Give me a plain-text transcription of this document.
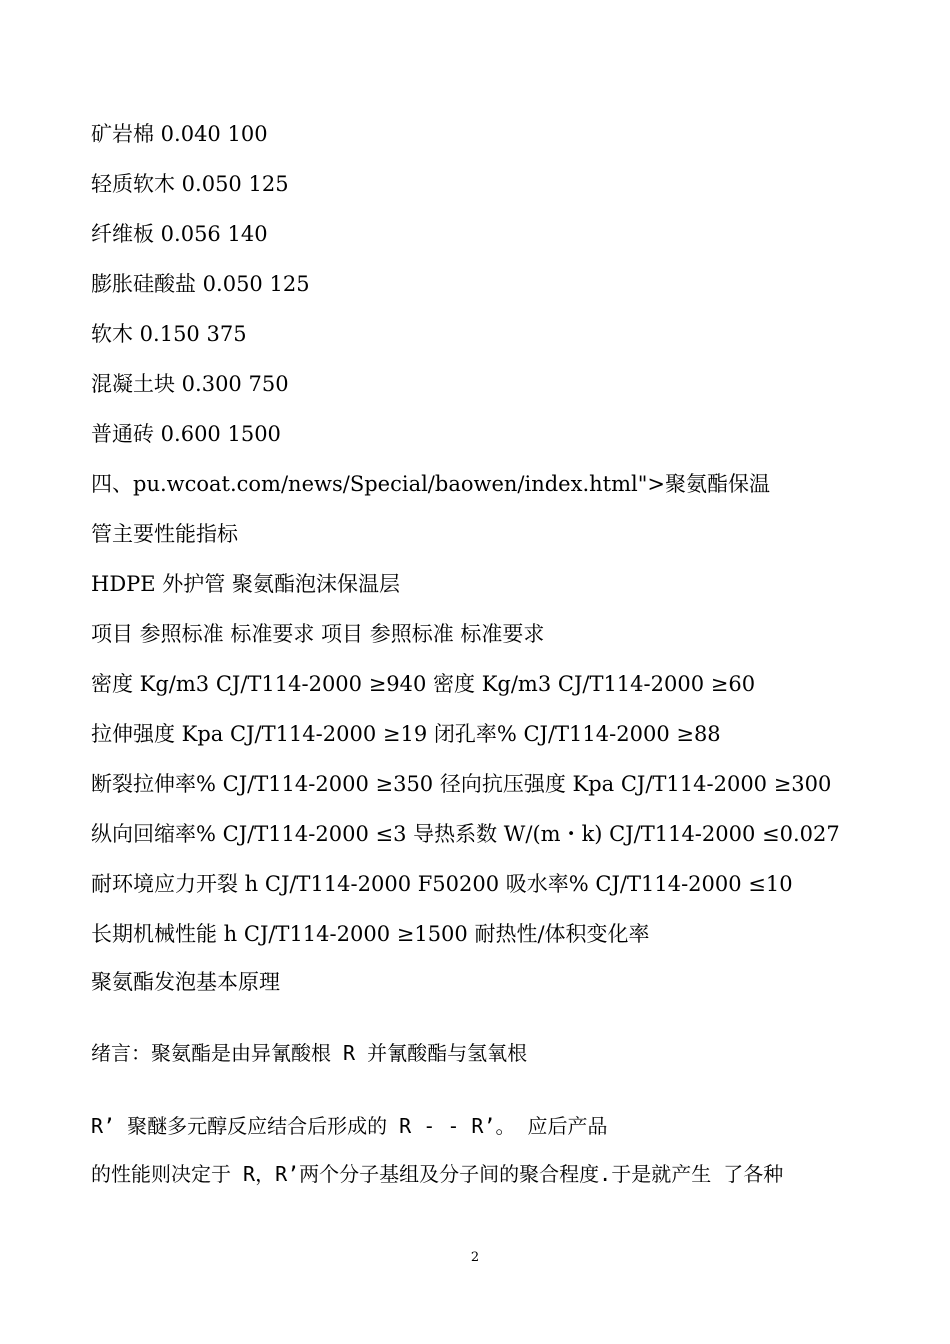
矿岩棉 0.040 100
轻质软木 0.050 125
纤维板 0.056 140
膨胀硅酸盐 0.050 125
软木 0.150 375
混凝土块 0.300 750
普通砖 0.600 1500
四、pu.wcoat.com/news/Special/baowen/index.html">聚氨酯保温
管主要性能指标
HDPE 外护管 聚氨酯泡沫保温层
项目 参照标准 标准要求 项目 参照标准 标准要求
密度 Kg/m3 CJ/T114-2000 ≥940 密度 Kg/m3 CJ/T114-2000 ≥60
拉伸强度 Kpa CJ/T114-2000 ≥19 闭孔率% CJ/T114-2000 ≥88
断裂拉伸率% CJ/T114-2000 ≥350 径向抗压强度 Kpa CJ/T114-2000 ≥300
纵向回缩率% CJ/T114-2000 ≤3 导热系数 W/(m・k) CJ/T114-2000 ≤0.027
耐环境应力开裂 h CJ/T114-2000 F50200 吸水率% CJ/T114-2000 ≤10
长期机械性能 h CJ/T114-2000 ≥1500 耐热性/体积变化率
聚氨酯发泡基本原理
绪言：聚氨酯是由异氰酸根 R 并氰酸酯与氢氧根
R’ 聚醚多元醇反应结合后形成的 R - - R’。 应后产品
的性能则决定于 R，R’两个分子基组及分子间的聚合程度.于是就产生 了各种
2
